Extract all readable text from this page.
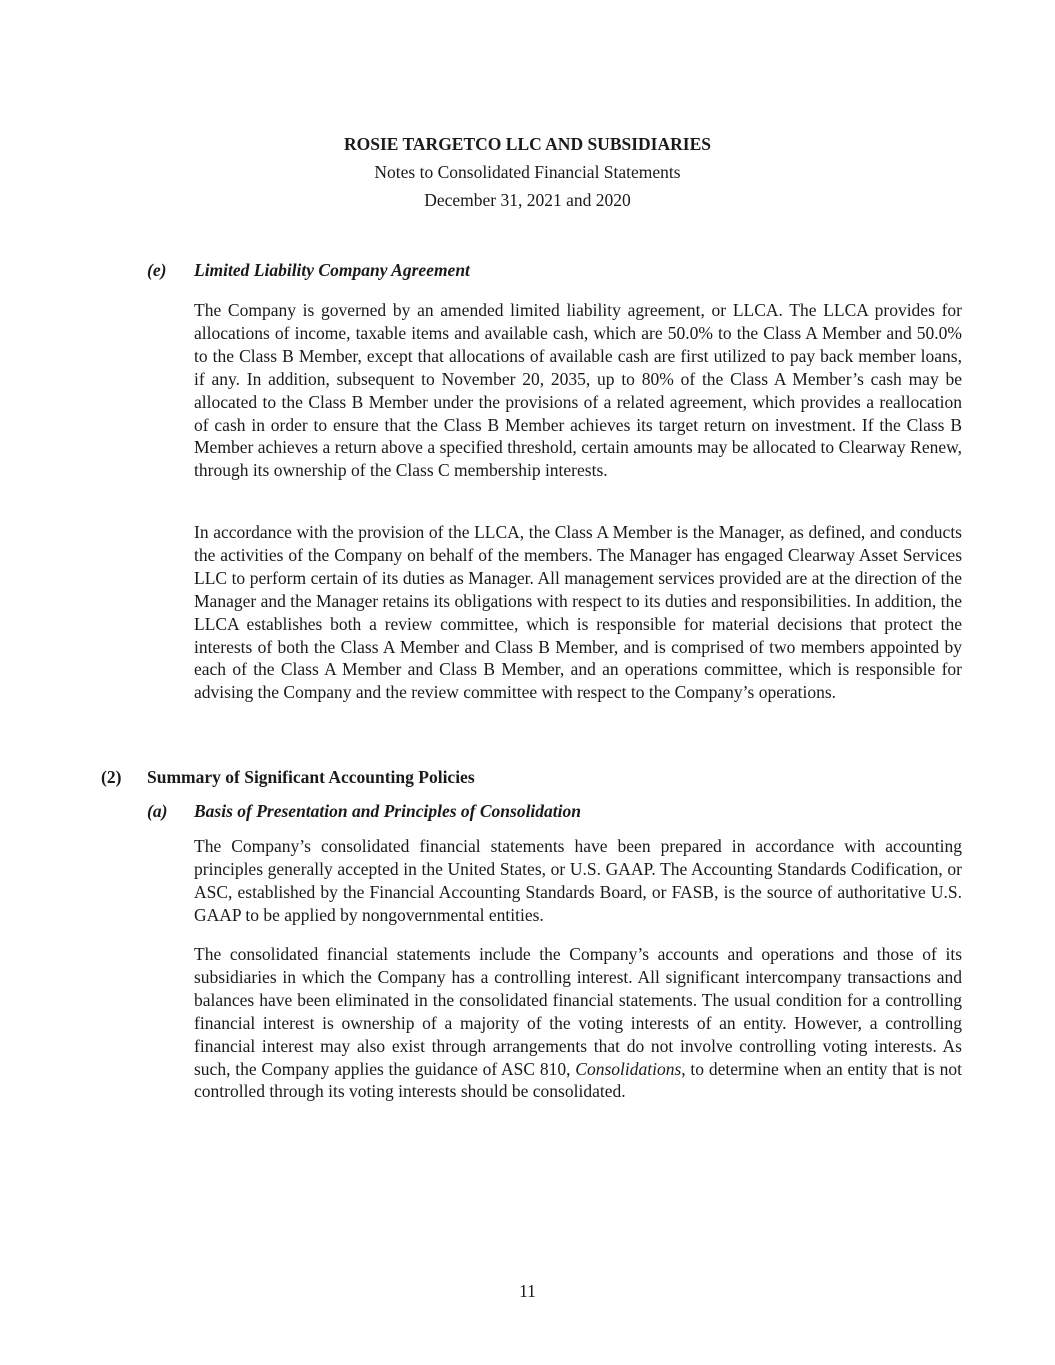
ROSIE TARGETCO LLC AND SUBSIDIARIES
Notes to Consolidated Financial Statements
December 31, 2021 and 2020
(e) Limited Liability Company Agreement

The Company is governed by an amended limited liability agreement, or LLCA. The LLCA provides for allocations of income, taxable items and available cash, which are 50.0% to the Class A Member and 50.0% to the Class B Member, except that allocations of available cash are first utilized to pay back member loans, if any. In addition, subsequent to November 20, 2035, up to 80% of the Class A Member’s cash may be allocated to the Class B Member under the provisions of a related agreement, which provides a reallocation of cash in order to ensure that the Class B Member achieves its target return on investment. If the Class B Member achieves a return above a specified threshold, certain amounts may be allocated to Clearway Renew, through its ownership of the Class C membership interests.

In accordance with the provision of the LLCA, the Class A Member is the Manager, as defined, and conducts the activities of the Company on behalf of the members. The Manager has engaged Clearway Asset Services LLC to perform certain of its duties as Manager. All management services provided are at the direction of the Manager and the Manager retains its obligations with respect to its duties and responsibilities. In addition, the LLCA establishes both a review committee, which is responsible for material decisions that protect the interests of both the Class A Member and Class B Member, and is comprised of two members appointed by each of the Class A Member and Class B Member, and an operations committee, which is responsible for advising the Company and the review committee with respect to the Company’s operations.

(2) Summary of Significant Accounting Policies
(a) Basis of Presentation and Principles of Consolidation

The Company’s consolidated financial statements have been prepared in accordance with accounting principles generally accepted in the United States, or U.S. GAAP. The Accounting Standards Codification, or ASC, established by the Financial Accounting Standards Board, or FASB, is the source of authoritative U.S. GAAP to be applied by nongovernmental entities.

The consolidated financial statements include the Company’s accounts and operations and those of its subsidiaries in which the Company has a controlling interest. All significant intercompany transactions and balances have been eliminated in the consolidated financial statements. The usual condition for a controlling financial interest is ownership of a majority of the voting interests of an entity. However, a controlling financial interest may also exist through arrangements that do not involve controlling voting interests. As such, the Company applies the guidance of ASC 810, Consolidations, to determine when an entity that is not controlled through its voting interests should be consolidated.

11
